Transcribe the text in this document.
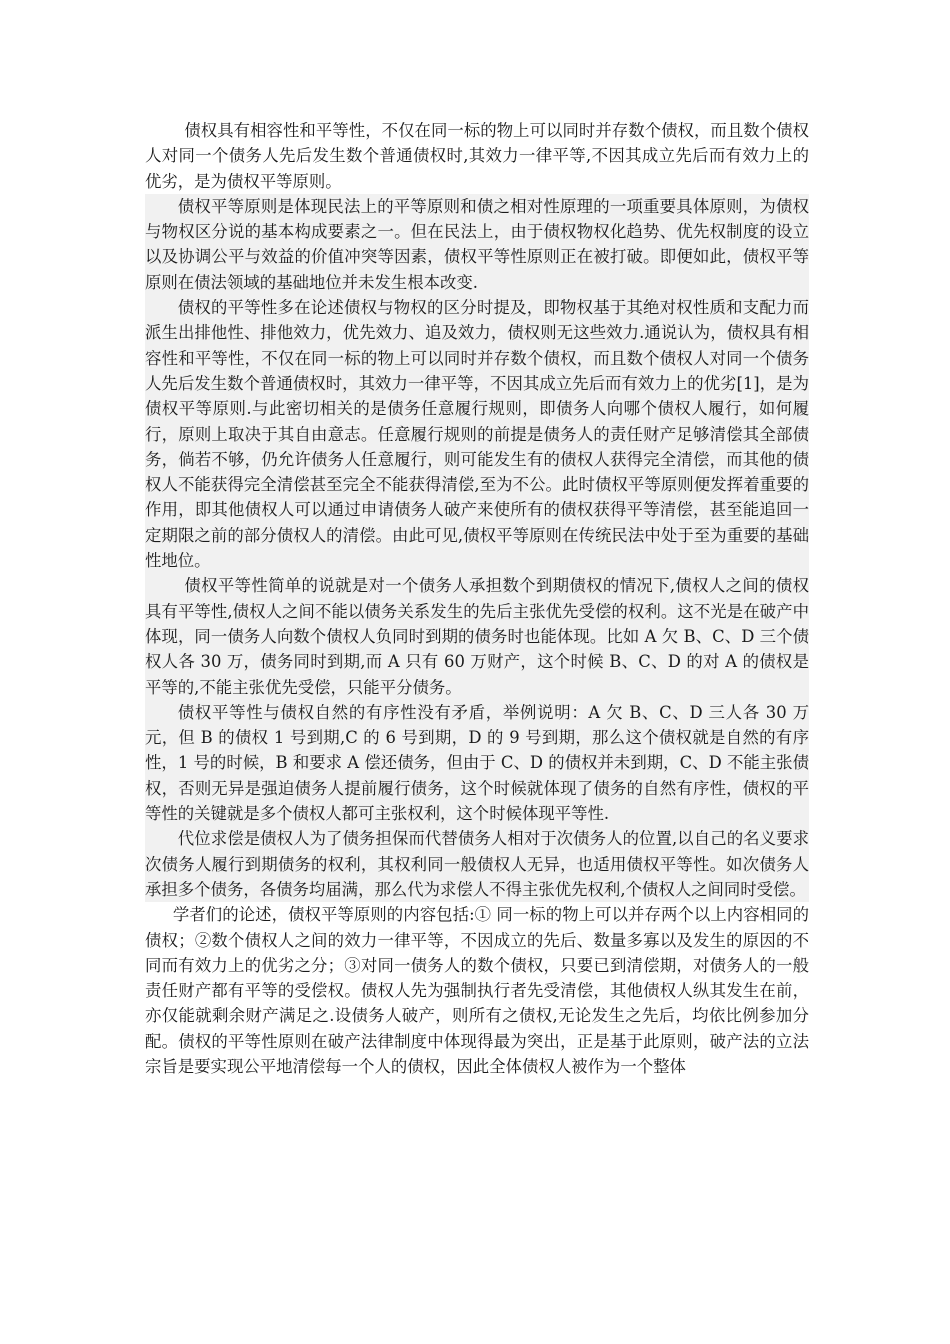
债权具有相容性和平等性，不仅在同一标的物上可以同时并存数个债权，而且数个债权人对同一个债务人先后发生数个普通债权时,其效力一律平等,不因其成立先后而有效力上的优劣，是为债权平等原则。

债权平等原则是体现民法上的平等原则和债之相对性原理的一项重要具体原则，为债权与物权区分说的基本构成要素之一。但在民法上，由于债权物权化趋势、优先权制度的设立以及协调公平与效益的价值冲突等因素，债权平等性原则正在被打破。即便如此，债权平等原则在债法领域的基础地位并未发生根本改变.

债权的平等性多在论述债权与物权的区分时提及，即物权基于其绝对权性质和支配力而派生出排他性、排他效力，优先效力、追及效力，债权则无这些效力.通说认为，债权具有相容性和平等性，不仅在同一标的物上可以同时并存数个债权，而且数个债权人对同一个债务人先后发生数个普通债权时，其效力一律平等，不因其成立先后而有效力上的优劣[1]，是为债权平等原则.与此密切相关的是债务任意履行规则，即债务人向哪个债权人履行，如何履行，原则上取决于其自由意志。任意履行规则的前提是债务人的责任财产足够清偿其全部债务，倘若不够，仍允许债务人任意履行，则可能发生有的债权人获得完全清偿，而其他的债权人不能获得完全清偿甚至完全不能获得清偿,至为不公。此时债权平等原则便发挥着重要的作用，即其他债权人可以通过申请债务人破产来使所有的债权获得平等清偿，甚至能追回一定期限之前的部分债权人的清偿。由此可见,债权平等原则在传统民法中处于至为重要的基础性地位。

债权平等性简单的说就是对一个债务人承担数个到期债权的情况下,债权人之间的债权具有平等性,债权人之间不能以债务关系发生的先后主张优先受偿的权利。这不光是在破产中体现，同一债务人向数个债权人负同时到期的债务时也能体现。比如 A 欠 B、C、D 三个债权人各 30 万，债务同时到期,而 A 只有 60 万财产，这个时候 B、C、D 的对 A 的债权是平等的,不能主张优先受偿，只能平分债务。

债权平等性与债权自然的有序性没有矛盾，举例说明：A 欠 B、C、D 三人各 30 万元，但 B 的债权 1 号到期,C 的 6 号到期，D 的 9 号到期，那么这个债权就是自然的有序性，1 号的时候，B 和要求 A 偿还债务，但由于 C、D 的债权并未到期，C、D 不能主张债权，否则无异是强迫债务人提前履行债务，这个时候就体现了债务的自然有序性，债权的平等性的关键就是多个债权人都可主张权利，这个时候体现平等性.

代位求偿是债权人为了债务担保而代替债务人相对于次债务人的位置,以自己的名义要求次债务人履行到期债务的权利，其权利同一般债权人无异，也适用债权平等性。如次债务人承担多个债务，各债务均届满，那么代为求偿人不得主张优先权利,个债权人之间同时受偿。

学者们的论述，债权平等原则的内容包括:① 同一标的物上可以并存两个以上内容相同的债权；②数个债权人之间的效力一律平等，不因成立的先后、数量多寡以及发生的原因的不同而有效力上的优劣之分；③对同一债务人的数个债权，只要已到清偿期，对债务人的一般责任财产都有平等的受偿权。债权人先为强制执行者先受清偿，其他债权人纵其发生在前，亦仅能就剩余财产满足之.设债务人破产，则所有之债权,无论发生之先后，均依比例参加分配。债权的平等性原则在破产法律制度中体现得最为突出，正是基于此原则，破产法的立法宗旨是要实现公平地清偿每一个人的债权，因此全体债权人被作为一个整体
